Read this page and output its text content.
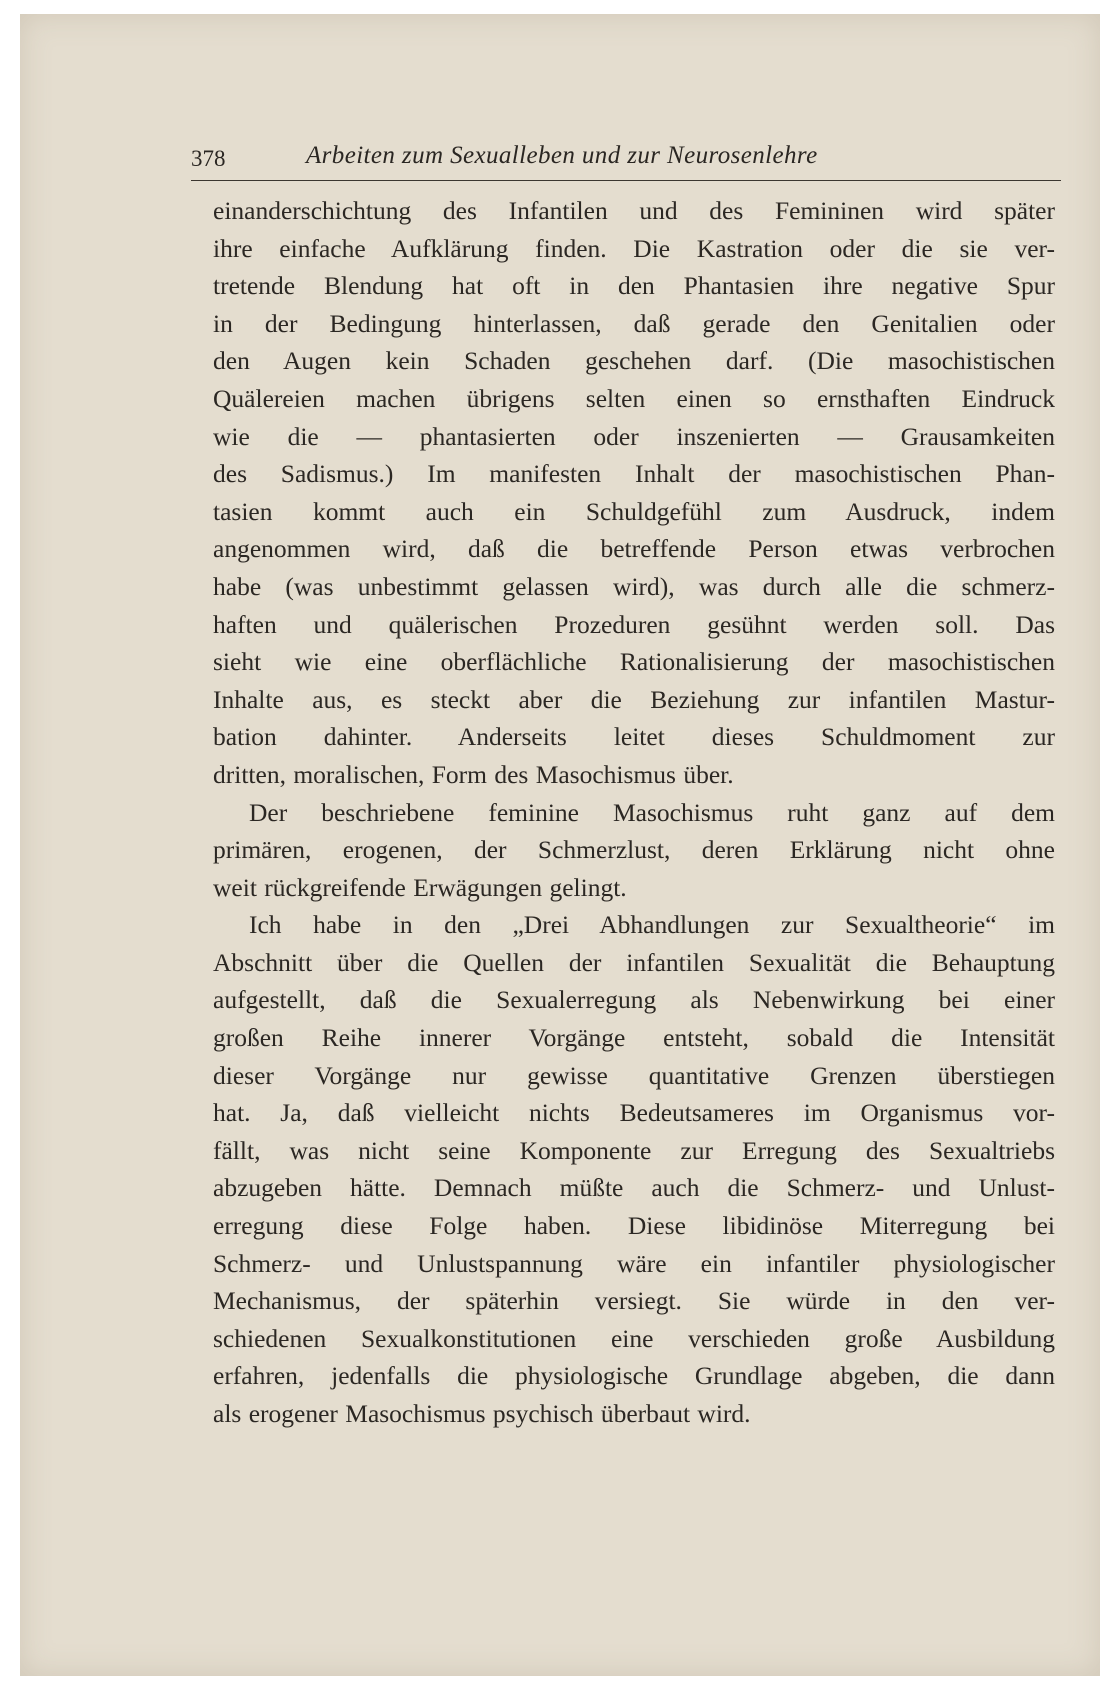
378	Arbeiten zum Sexualleben und zur Neurosenlehre
einanderschichtung des Infantilen und des Femininen wird später
ihre einfache Aufklärung finden. Die Kastration oder die sie ver-
tretende Blendung hat oft in den Phantasien ihre negative Spur
in der Bedingung hinterlassen, daß gerade den Genitalien oder
den Augen kein Schaden geschehen darf. (Die masochistischen
Quälereien machen übrigens selten einen so ernsthaften Eindruck
wie die — phantasierten oder inszenierten — Grausamkeiten
des Sadismus.) Im manifesten Inhalt der masochistischen Phan-
tasien kommt auch ein Schuldgefühl zum Ausdruck, indem
angenommen wird, daß die betreffende Person etwas verbrochen
habe (was unbestimmt gelassen wird), was durch alle die schmerz-
haften und quälerischen Prozeduren gesühnt werden soll. Das
sieht wie eine oberflächliche Rationalisierung der masochistischen
Inhalte aus, es steckt aber die Beziehung zur infantilen Mastur-
bation dahinter. Anderseits leitet dieses Schuldmoment zur
dritten, moralischen, Form des Masochismus über.
Der beschriebene feminine Masochismus ruht ganz auf dem
primären, erogenen, der Schmerzlust, deren Erklärung nicht ohne
weit rückgreifende Erwägungen gelingt.
Ich habe in den „Drei Abhandlungen zur Sexualtheorie“ im
Abschnitt über die Quellen der infantilen Sexualität die Behauptung
aufgestellt, daß die Sexualerregung als Nebenwirkung bei einer
großen Reihe innerer Vorgänge entsteht, sobald die Intensität
dieser Vorgänge nur gewisse quantitative Grenzen überstiegen
hat. Ja, daß vielleicht nichts Bedeutsameres im Organismus vor-
fällt, was nicht seine Komponente zur Erregung des Sexualtriebs
abzugeben hätte. Demnach müßte auch die Schmerz- und Unlust-
erregung diese Folge haben. Diese libidinöse Miterregung bei
Schmerz- und Unlustspannung wäre ein infantiler physiologischer
Mechanismus, der späterhin versiegt. Sie würde in den ver-
schiedenen Sexualkonstitutionen eine verschieden große Ausbildung
erfahren, jedenfalls die physiologische Grundlage abgeben, die dann
als erogener Masochismus psychisch überbaut wird.
